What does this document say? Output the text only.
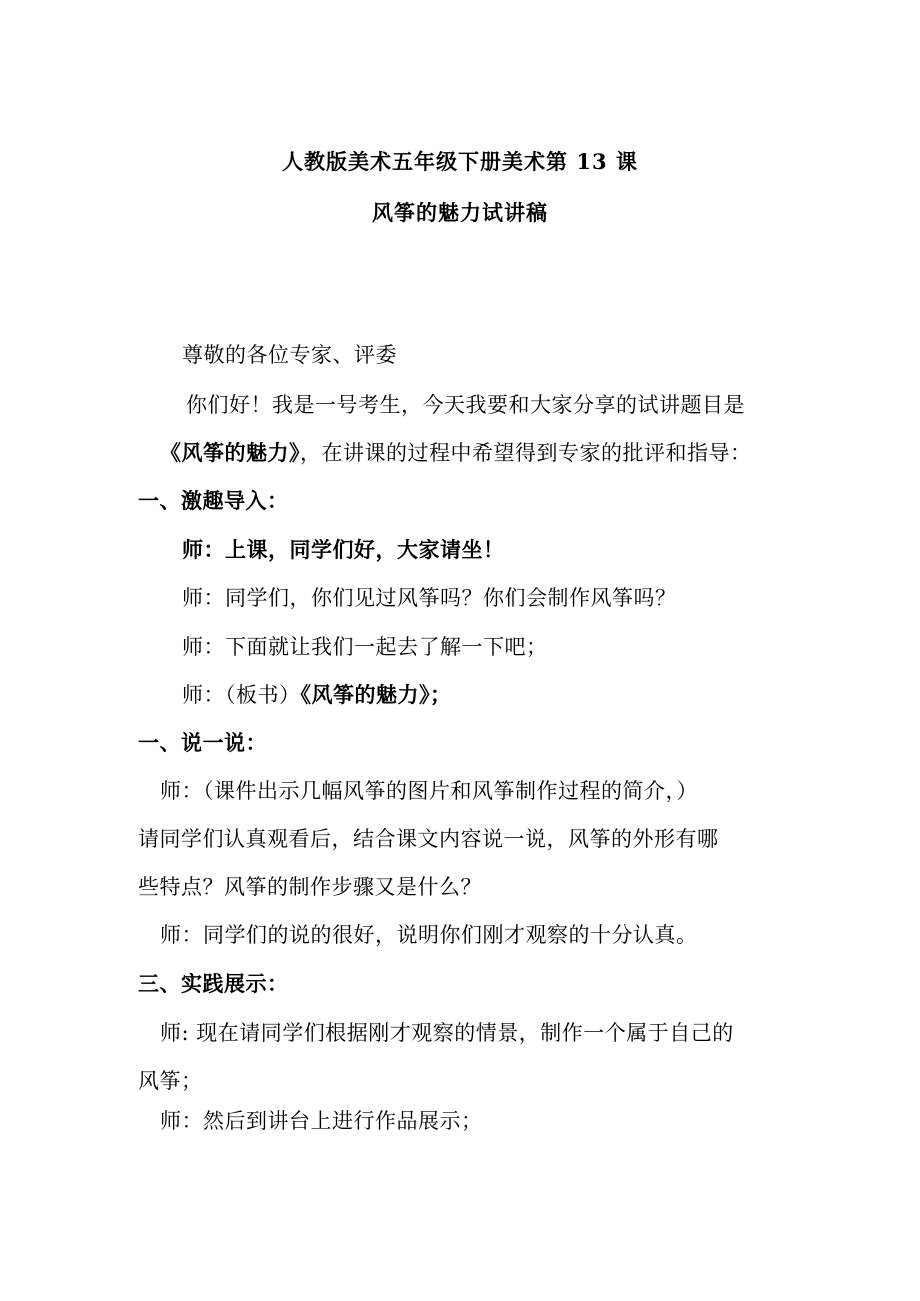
人教版美术五年级下册美术第 13 课
风筝的魅力试讲稿
尊敬的各位专家、评委
你们好！我是一号考生，今天我要和大家分享的试讲题目是
《风筝的魅力》，在讲课的过程中希望得到专家的批评和指导：
一、激趣导入：
师：上课，同学们好，大家请坐！
师：同学们，你们见过风筝吗？你们会制作风筝吗？
师：下面就让我们一起去了解一下吧；
师：（板书）《风筝的魅力》；
一、说一说：
师：（课件出示几幅风筝的图片和风筝制作过程的简介，）
请同学们认真观看后，结合课文内容说一说，风筝的外形有哪
些特点？风筝的制作步骤又是什么？
师：同学们的说的很好，说明你们刚才观察的十分认真。
三、实践展示：
师: 现在请同学们根据刚才观察的情景，制作一个属于自己的
风筝；
师：然后到讲台上进行作品展示；
